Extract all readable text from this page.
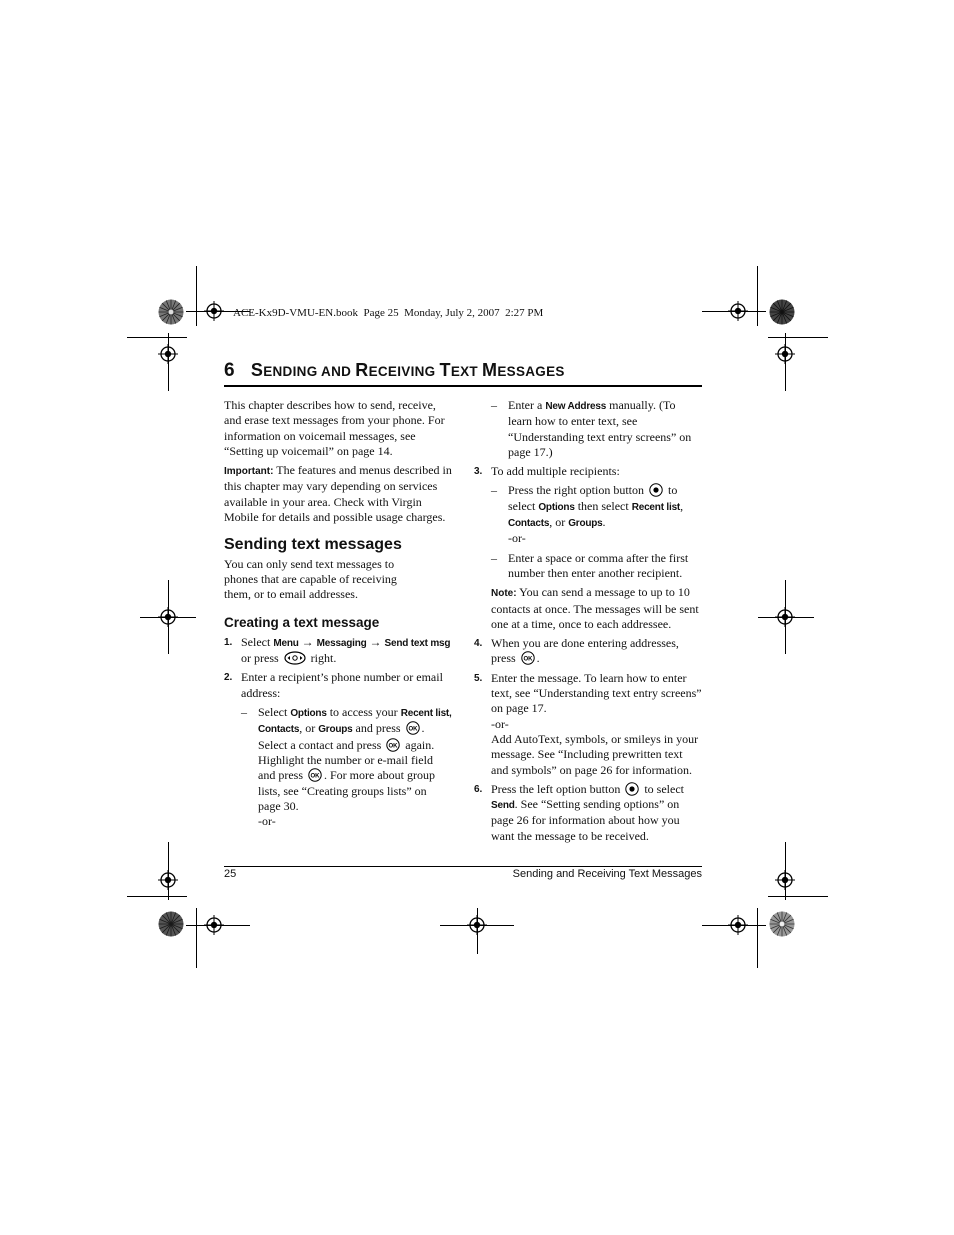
ACE-Kx9D-VMU-EN.book  Page 25  Monday, July 2, 2007  2:27 PM
6 SENDING AND RECEIVING TEXT MESSAGES

This chapter describes how to send, receive, and erase text messages from your phone. For information on voicemail messages, see “Setting up voicemail” on page 14.

Important: The features and menus described in this chapter may vary depending on services available in your area. Check with Virgin Mobile for details and possible usage charges.

Sending text messages

You can only send text messages to phones that are capable of receiving them, or to email addresses.

Creating a text message
1. Select Menu → Messaging → Send text msg
or press  right.
2. Enter a recipient’s phone number or email address:
– Select Options to access your Recent list, Contacts, or Groups and press OK . Select a contact and press OK again. Highlight the number or e-mail field and press OK . For more about group lists, see “Creating groups lists” on page 30.
-or-
– Enter a New Address manually. (To learn how to enter text, see “Understanding text entry screens” on page 17.)
3. To add multiple recipients:
– Press the right option button  to select Options then select Recent list, Contacts, or Groups.
-or-
– Enter a space or comma after the first number then enter another recipient.

Note: You can send a message to up to 10 contacts at once. The messages will be sent one at a time, once to each addressee.

4. When you are done entering addresses, press OK .
5. Enter the message. To learn how to enter text, see “Understanding text entry screens” on page 17.
-or-
Add AutoText, symbols, or smileys in your message. See “Including prewritten text and symbols” on page 26 for information.
6. Press the left option button  to select Send. See “Setting sending options” on page 26 for information about how you want the message to be received.
25	Sending and Receiving Text Messages
